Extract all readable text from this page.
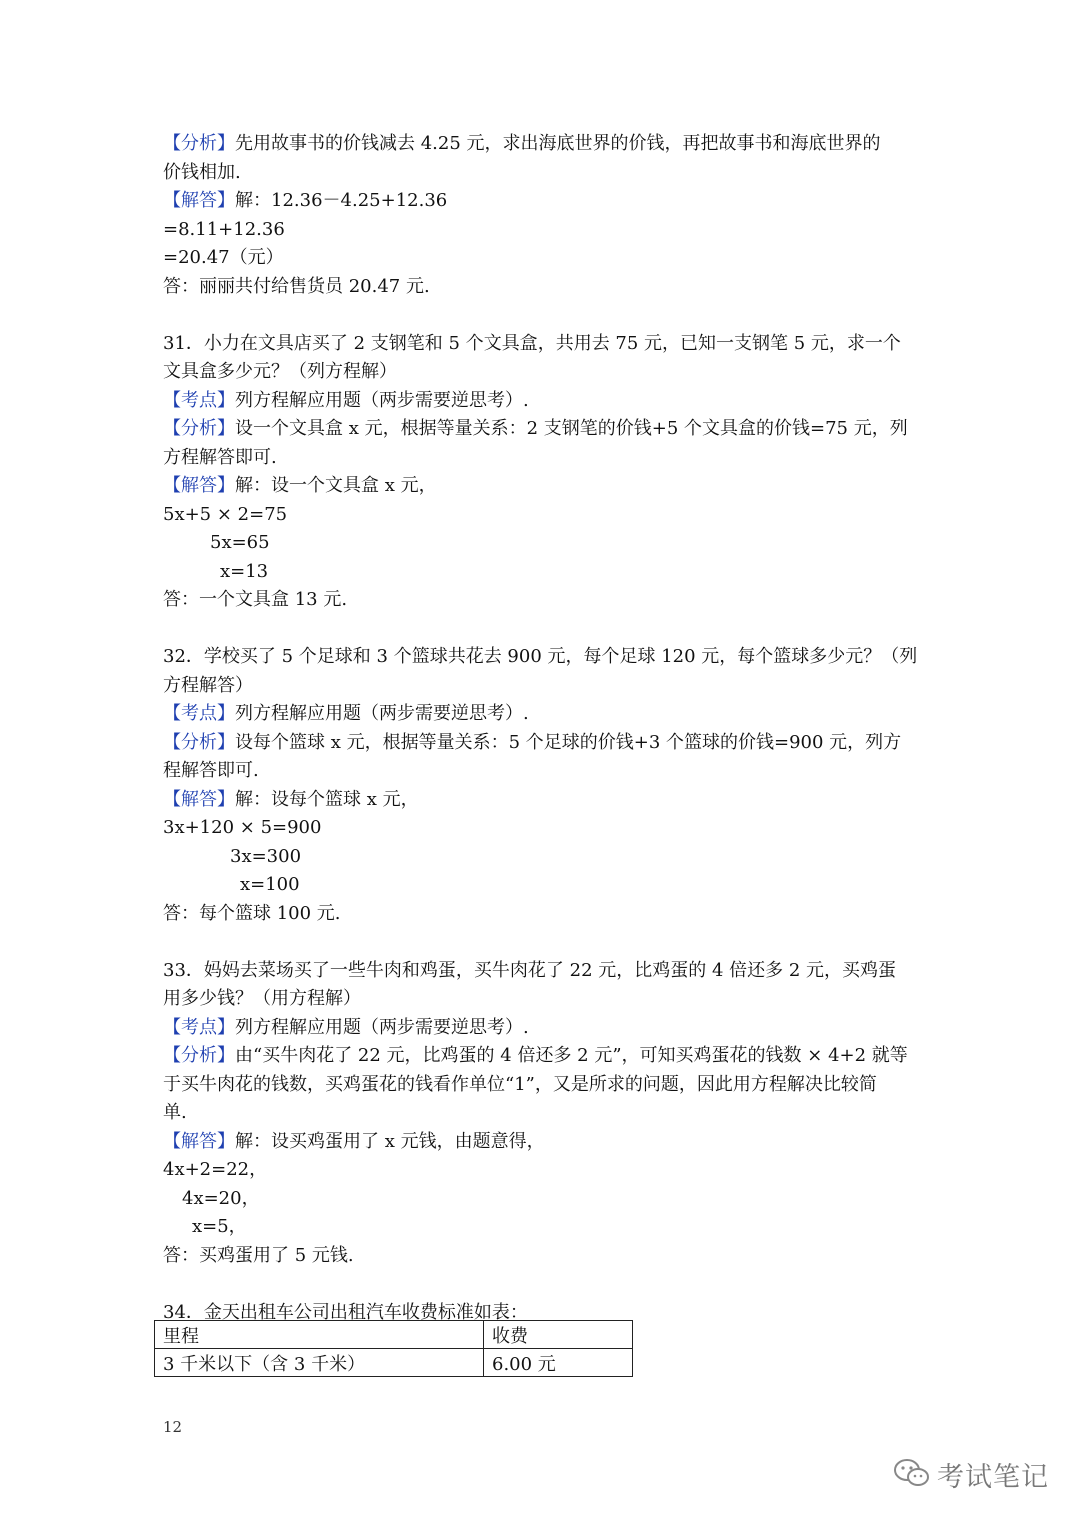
【分析】先用故事书的价钱减去 4.25 元，求出海底世界的价钱，再把故事书和海底世界的
价钱相加.
【解答】解：12.36－4.25+12.36
=8.11+12.36
=20.47（元）
答：丽丽共付给售货员 20.47 元.
31．小力在文具店买了 2 支钢笔和 5 个文具盒，共用去 75 元，已知一支钢笔 5 元，求一个
文具盒多少元？（列方程解）
【考点】列方程解应用题（两步需要逆思考）.
【分析】设一个文具盒 x 元，根据等量关系：2 支钢笔的价钱+5 个文具盒的价钱=75 元，列
方程解答即可.
【解答】解：设一个文具盒 x 元，
5x+5 × 2=75
5x=65
x=13
答：一个文具盒 13 元.
32．学校买了 5 个足球和 3 个篮球共花去 900 元，每个足球 120 元，每个篮球多少元？（列
方程解答）
【考点】列方程解应用题（两步需要逆思考）.
【分析】设每个篮球 x 元，根据等量关系：5 个足球的价钱+3 个篮球的价钱=900 元，列方
程解答即可.
【解答】解：设每个篮球 x 元，
3x+120 × 5=900
3x=300
x=100
答：每个篮球 100 元.
33．妈妈去菜场买了一些牛肉和鸡蛋，买牛肉花了 22 元，比鸡蛋的 4 倍还多 2 元，买鸡蛋
用多少钱？（用方程解）
【考点】列方程解应用题（两步需要逆思考）.
【分析】由“买牛肉花了 22 元，比鸡蛋的 4 倍还多 2 元”，可知买鸡蛋花的钱数 × 4+2 就等
于买牛肉花的钱数，买鸡蛋花的钱看作单位“1”，又是所求的问题，因此用方程解决比较简
单.
【解答】解：设买鸡蛋用了 x 元钱，由题意得，
4x+2=22，
4x=20，
x=5，
答：买鸡蛋用了 5 元钱.
34．金天出租车公司出租汽车收费标准如表：
里程	收费
3 千米以下（含 3 千米）	6.00 元
12
考试笔记
